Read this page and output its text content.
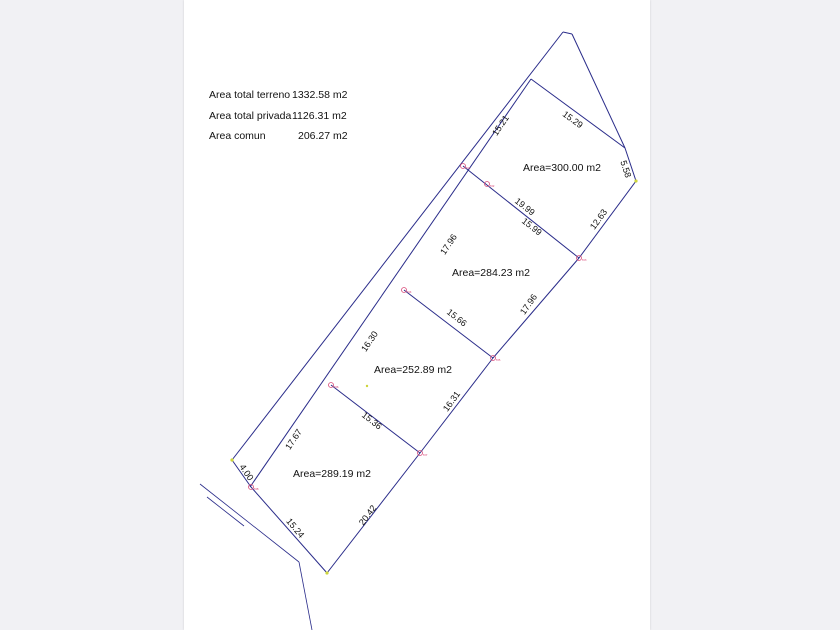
Area total terreno 1332.58 m2
Area total privada 1126.31 m2
Area comun	206.27 m2
M1
M2
M3
M4
M5
M6
M7
M8
Area=300.00 m2
Area=284.23 m2
Area=252.89 m2
Area=289.19 m2
15.21	15.29
5.58
12.63
19.99
15.99
17.96
17.96
15.66
16.30
16.31
15.36
17.67
4.00
20.42
15.24
